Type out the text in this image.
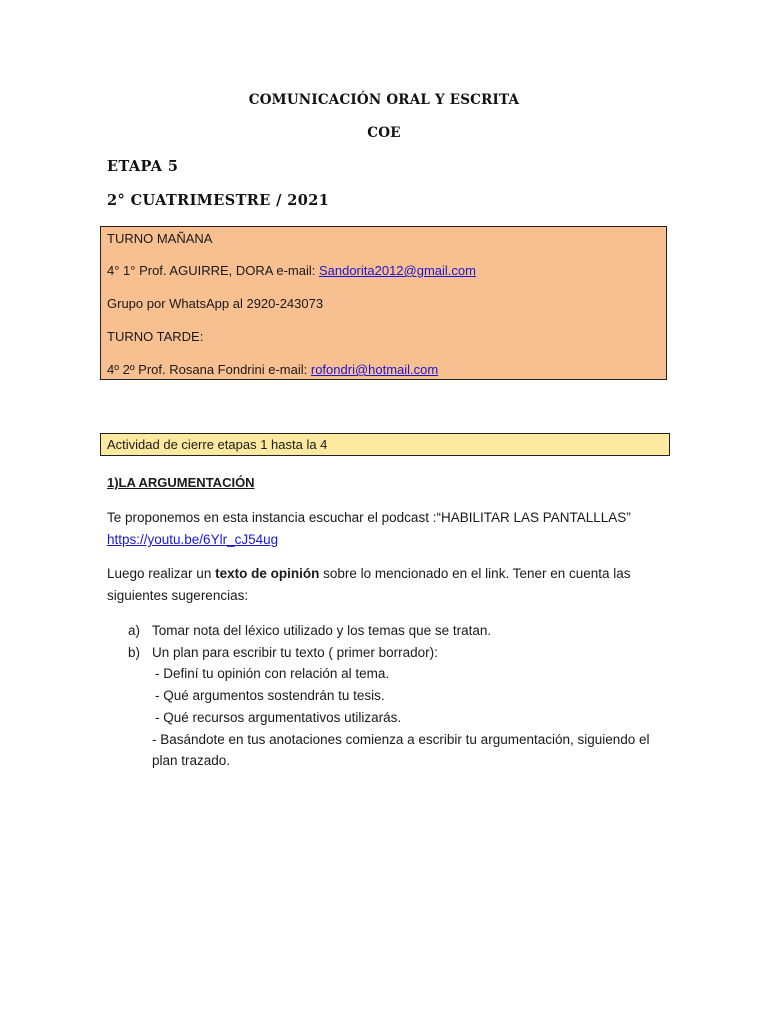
COMUNICACIÓN ORAL Y ESCRITA
COE
ETAPA 5
2° CUATRIMESTRE / 2021
TURNO MAÑANA
4° 1° Prof. AGUIRRE, DORA e-mail: Sandorita2012@gmail.com
Grupo por WhatsApp al 2920-243073
TURNO TARDE:
4º 2º Prof. Rosana Fondrini e-mail: rofondri@hotmail.com
Actividad de cierre etapas 1 hasta la 4
1)LA ARGUMENTACIÓN
Te proponemos en esta instancia escuchar el podcast :“HABILITAR LAS PANTALLLAS”
https://youtu.be/6Ylr_cJ54ug
Luego realizar un texto de opinión sobre lo mencionado en el link. Tener en cuenta las
siguientes sugerencias:
a) Tomar nota del léxico utilizado y los temas que se tratan.
b) Un plan para escribir tu texto ( primer borrador):
- Definí tu opinión con relación al tema.
- Qué argumentos sostendrán tu tesis.
- Qué recursos argumentativos utilizarás.
- Basándote en tus anotaciones comienza a escribir tu argumentación, siguiendo el
plan trazado.
